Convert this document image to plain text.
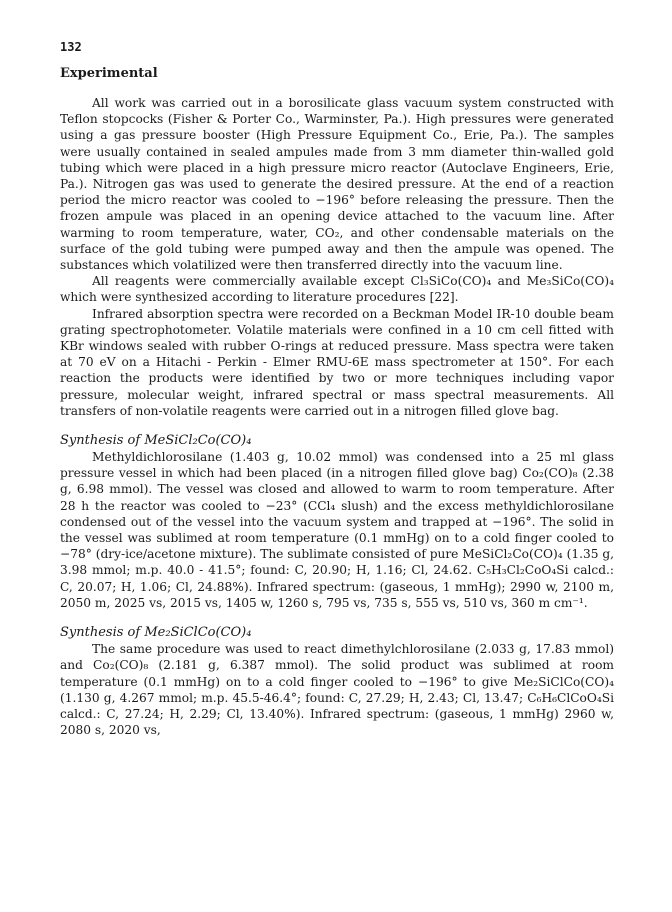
132
Experimental

All work was carried out in a borosilicate glass vacuum system constructed with Teflon stopcocks (Fisher & Porter Co., Warminster, Pa.). High pressures were generated using a gas pressure booster (High Pressure Equipment Co., Erie, Pa.). The samples were usually contained in sealed ampules made from 3 mm diameter thin-walled gold tubing which were placed in a high pressure micro reactor (Autoclave Engineers, Erie, Pa.). Nitrogen gas was used to generate the desired pressure. At the end of a reaction period the micro reactor was cooled to −196° before releasing the pressure. Then the frozen ampule was placed in an opening device attached to the vacuum line. After warming to room temperature, water, CO₂, and other condensable materials on the surface of the gold tubing were pumped away and then the ampule was opened. The substances which volatilized were then transferred directly into the vacuum line.

All reagents were commercially available except Cl₃SiCo(CO)₄ and Me₃SiCo(CO)₄ which were synthesized according to literature procedures [22].

Infrared absorption spectra were recorded on a Beckman Model IR-10 double beam grating spectrophotometer. Volatile materials were confined in a 10 cm cell fitted with KBr windows sealed with rubber O-rings at reduced pressure. Mass spectra were taken at 70 eV on a Hitachi - Perkin - Elmer RMU-6E mass spectrometer at 150°. For each reaction the products were identified by two or more techniques including vapor pressure, molecular weight, infrared spectral or mass spectral measurements. All transfers of non-volatile reagents were carried out in a nitrogen filled glove bag.

Synthesis of MeSiCl₂Co(CO)₄

Methyldichlorosilane (1.403 g, 10.02 mmol) was condensed into a 25 ml glass pressure vessel in which had been placed (in a nitrogen filled glove bag) Co₂(CO)₈ (2.38 g, 6.98 mmol). The vessel was closed and allowed to warm to room temperature. After 28 h the reactor was cooled to −23° (CCl₄ slush) and the excess methyldichlorosilane condensed out of the vessel into the vacuum system and trapped at −196°. The solid in the vessel was sublimed at room temperature (0.1 mmHg) on to a cold finger cooled to −78° (dry-ice/acetone mixture). The sublimate consisted of pure MeSiCl₂Co(CO)₄ (1.35 g, 3.98 mmol; m.p. 40.0 - 41.5°; found: C, 20.90; H, 1.16; Cl, 24.62. C₅H₃Cl₂CoO₄Si calcd.: C, 20.07; H, 1.06; Cl, 24.88%). Infrared spectrum: (gaseous, 1 mmHg); 2990 w, 2100 m, 2050 m, 2025 vs, 2015 vs, 1405 w, 1260 s, 795 vs, 735 s, 555 vs, 510 vs, 360 m cm⁻¹.

Synthesis of Me₂SiClCo(CO)₄

The same procedure was used to react dimethylchlorosilane (2.033 g, 17.83 mmol) and Co₂(CO)₈ (2.181 g, 6.387 mmol). The solid product was sublimed at room temperature (0.1 mmHg) on to a cold finger cooled to −196° to give Me₂SiClCo(CO)₄ (1.130 g, 4.267 mmol; m.p. 45.5-46.4°; found: C, 27.29; H, 2.43; Cl, 13.47; C₆H₆ClCoO₄Si calcd.: C, 27.24; H, 2.29; Cl, 13.40%). Infrared spectrum: (gaseous, 1 mmHg) 2960 w, 2080 s, 2020 vs,
